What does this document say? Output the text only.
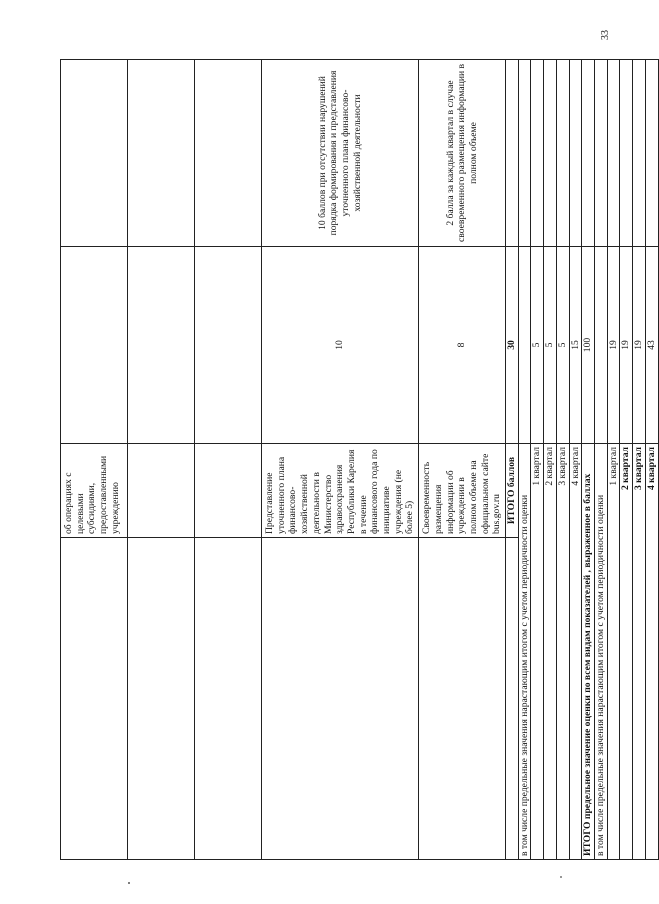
	об операциях с целевыми субсидиями, предоставленными учреждению		

	Представление уточненного плана финансово-хозяйственной деятельности в Министерство здравоохранения Республики Карелия в течение финансового года по инициативе учреждения (не более 5)	10	10 баллов при отсутствии нарушений порядка формирования и представления уточненного плана финансово-хозяйственной деятельности
	Своевременность размещения информации об учреждении в полном объеме на официальном сайте bus.gov.ru	8	2 балла за каждый квартал в случае своевременного размещения информации в полном объеме
	ИТОГО баллов	30	
в том числе предельные значения нарастающим итогом с учетом периодичности оценки			
1 квартал		5	
2 квартал		5	
3 квартал		5	
4 квартал		15	
ИТОГО предельное значение оценки по всем видам показателей , выраженное в баллах		100	
в том числе предельные значения нарастающим итогом с учетом периодичности оценки			
1 квартал		19	
2 квартал		19	
3 квартал		19	
4 квартал		43	
33
